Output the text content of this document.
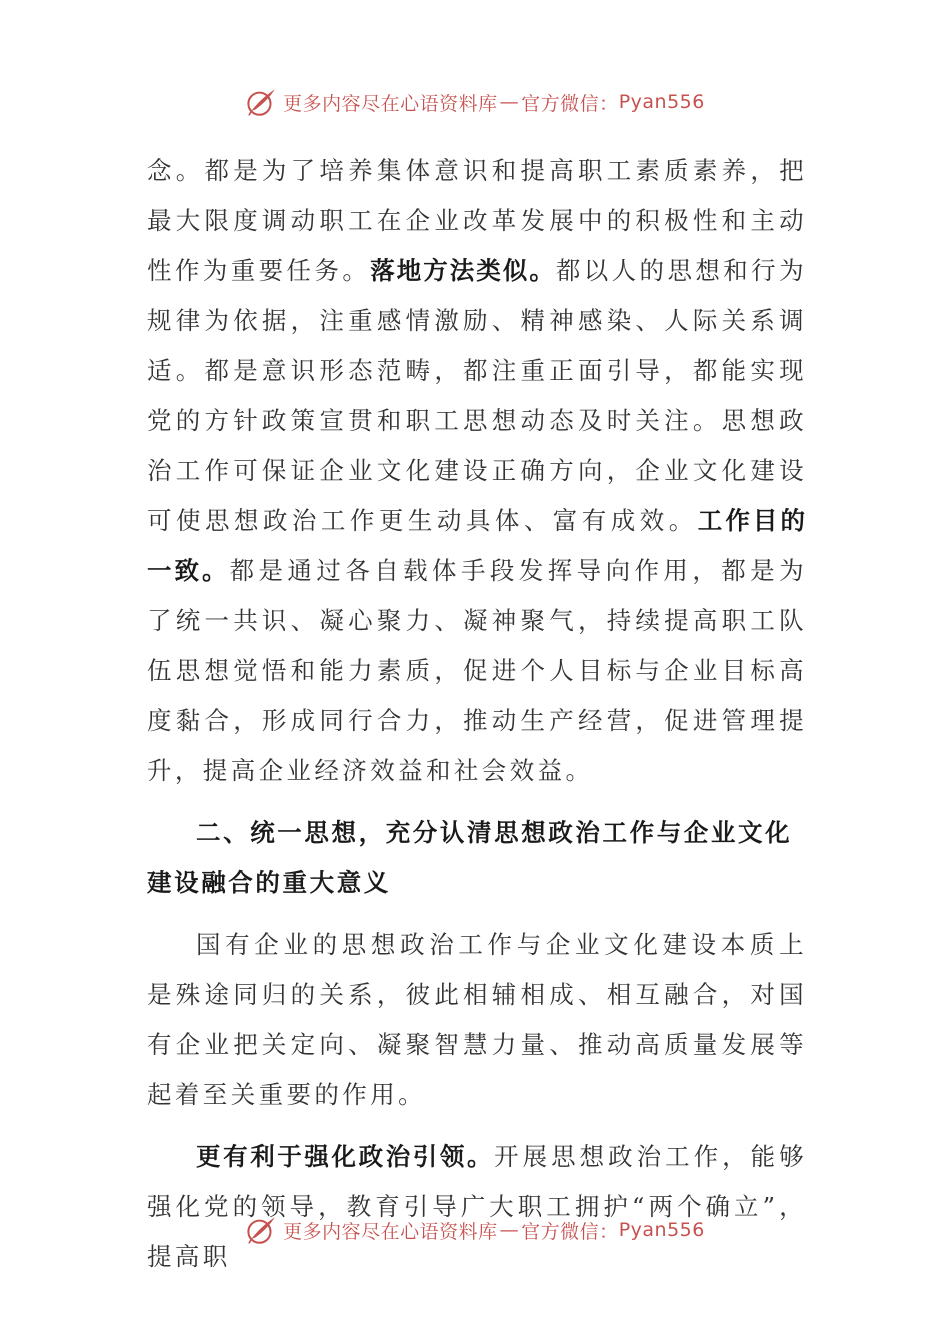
更多内容尽在心语资料库 — 官方微信： Pyan556

念。都是为了培养集体意识和提高职工素质素养，把最大限度调动职工在企业改革发展中的积极性和主动性作为重要任务。落地方法类似。都以人的思想和行为规律为依据，注重感情激励、精神感染、人际关系调适。都是意识形态范畴，都注重正面引导，都能实现党的方针政策宣贯和职工思想动态及时关注。思想政治工作可保证企业文化建设正确方向，企业文化建设可使思想政治工作更生动具体、富有成效。工作目的一致。都是通过各自载体手段发挥导向作用，都是为了统一共识、凝心聚力、凝神聚气，持续提高职工队伍思想觉悟和能力素质，促进个人目标与企业目标高度黏合，形成同行合力，推动生产经营，促进管理提升，提高企业经济效益和社会效益。

二、统一思想，充分认清思想政治工作与企业文化建设融合的重大意义

国有企业的思想政治工作与企业文化建设本质上是殊途同归的关系，彼此相辅相成、相互融合，对国有企业把关定向、凝聚智慧力量、推动高质量发展等起着至关重要的作用。

更有利于强化政治引领。开展思想政治工作，能够强化党的领导，教育引导广大职工拥护“两个确立”，提高职

更多内容尽在心语资料库 — 官方微信： Pyan556
